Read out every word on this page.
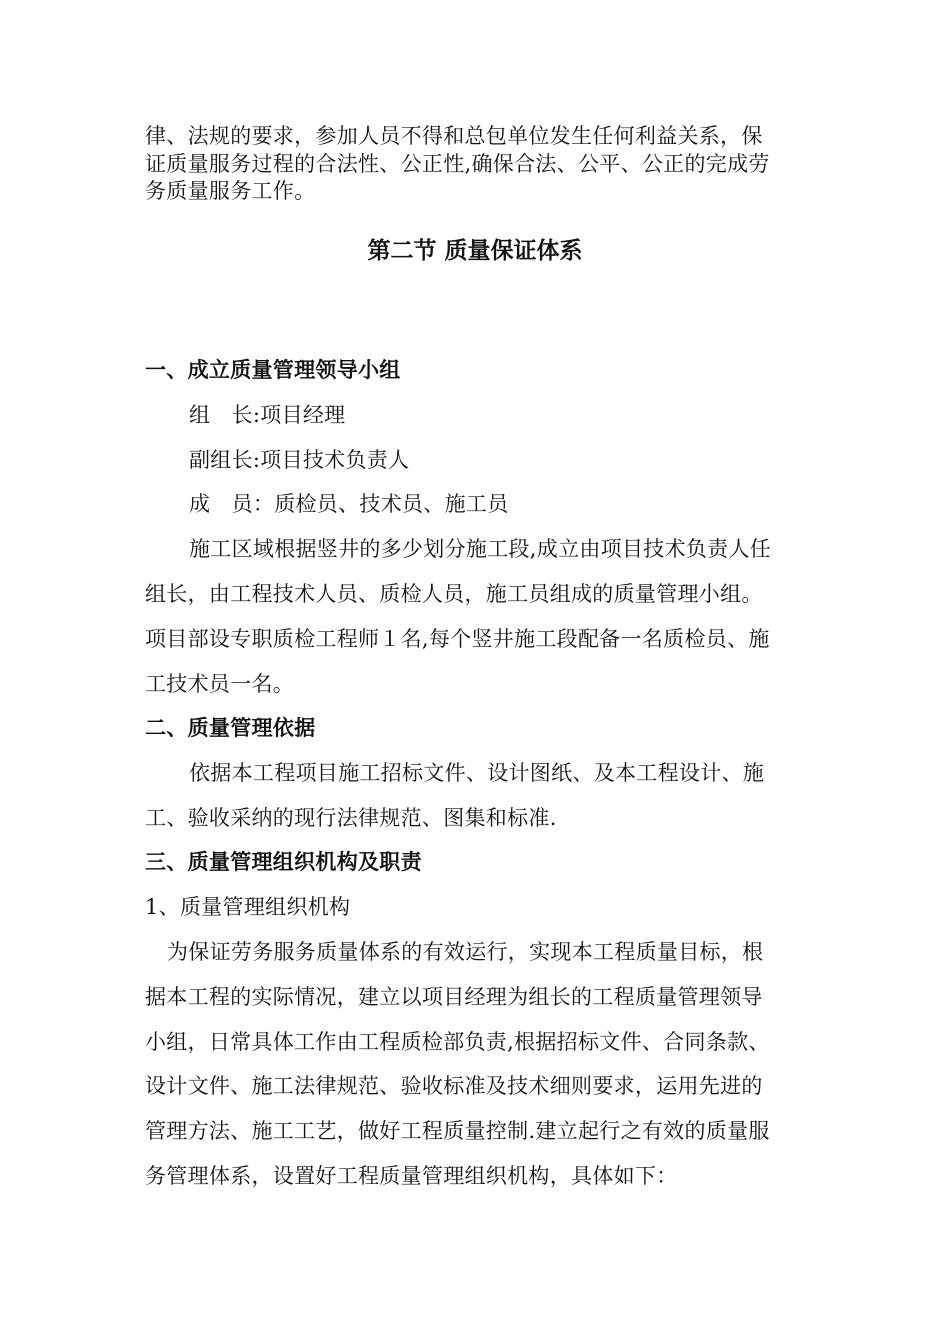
律、法规的要求，参加人员不得和总包单位发生任何利益关系，保
证质量服务过程的合法性、公正性,确保合法、公平、公正的完成劳
务质量服务工作。
第二节 质量保证体系
一、成立质量管理领导小组
组　长:项目经理
副组长:项目技术负责人
成　员：质检员、技术员、施工员
施工区域根据竖井的多少划分施工段,成立由项目技术负责人任
组长，由工程技术人员、质检人员，施工员组成的质量管理小组。
项目部设专职质检工程师１名,每个竖井施工段配备一名质检员、施
工技术员一名。
二、质量管理依据
依据本工程项目施工招标文件、设计图纸、及本工程设计、施
工、验收采纳的现行法律规范、图集和标准.
三、质量管理组织机构及职责
1、质量管理组织机构
为保证劳务服务质量体系的有效运行，实现本工程质量目标，根
据本工程的实际情况，建立以项目经理为组长的工程质量管理领导
小组，日常具体工作由工程质检部负责,根据招标文件、合同条款、
设计文件、施工法律规范、验收标准及技术细则要求，运用先进的
管理方法、施工工艺，做好工程质量控制.建立起行之有效的质量服
务管理体系，设置好工程质量管理组织机构，具体如下：
